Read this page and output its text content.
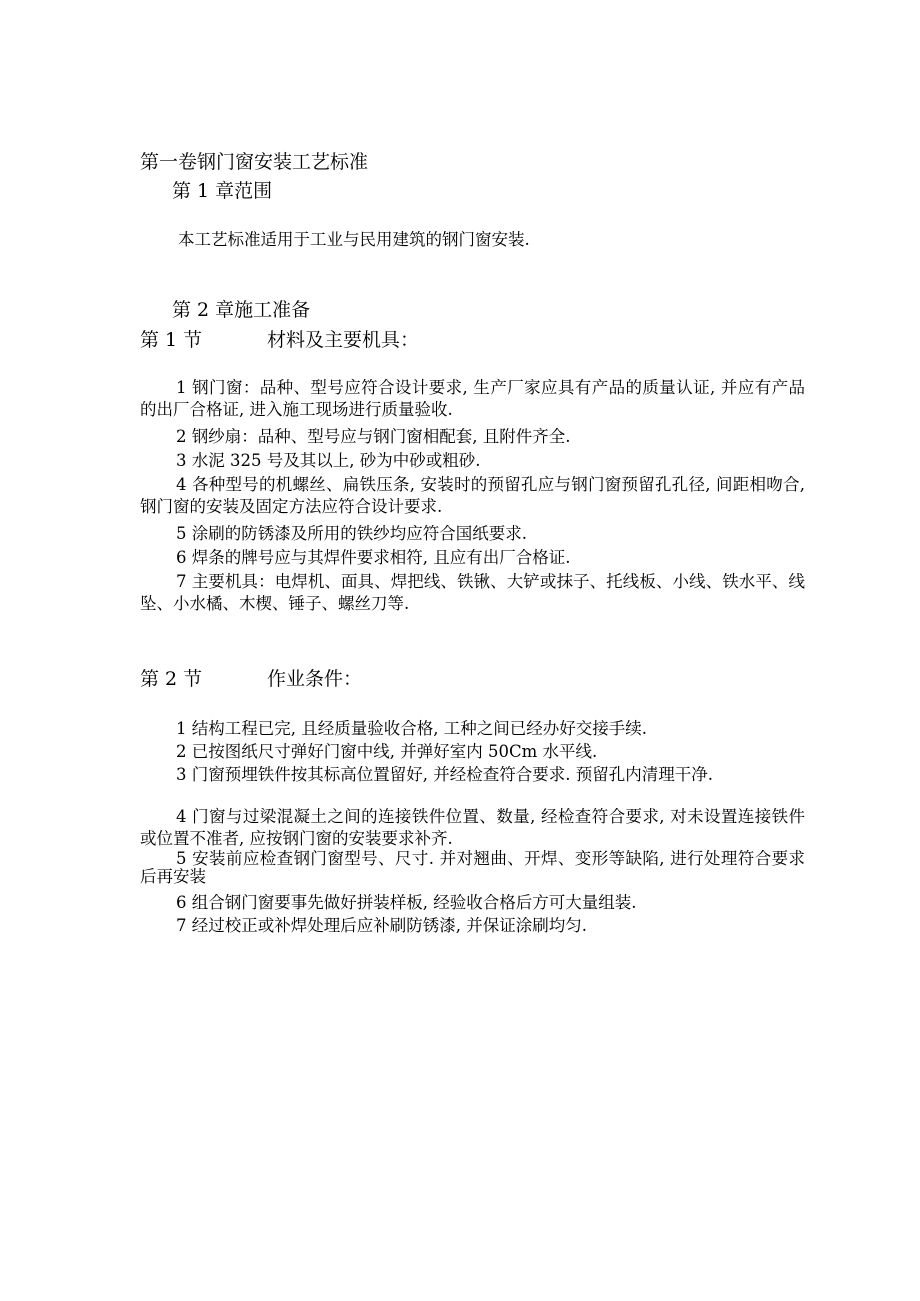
第一卷钢门窗安装工艺标准
第 1 章范围
本工艺标准适用于工业与民用建筑的钢门窗安装.
第 2 章施工准备
第 1 节	材料及主要机具：
1 钢门窗：品种、型号应符合设计要求, 生产厂家应具有产品的质量认证, 并应有产品的出厂合格证, 进入施工现场进行质量验收.
2 钢纱扇：品种、型号应与钢门窗相配套, 且附件齐全.
3 水泥 325 号及其以上, 砂为中砂或粗砂.
4 各种型号的机螺丝、扁铁压条, 安装时的预留孔应与钢门窗预留孔孔径, 间距相吻合, 钢门窗的安装及固定方法应符合设计要求.
5 涂刷的防锈漆及所用的铁纱均应符合国纸要求.
6 焊条的牌号应与其焊件要求相符, 且应有出厂合格证.
7 主要机具：电焊机、面具、焊把线、铁锹、大铲或抹子、托线板、小线、铁水平、线坠、小水橘、木楔、锤子、螺丝刀等.
第 2 节	作业条件：
1 结构工程已完, 且经质量验收合格, 工种之间已经办好交接手续.
2 已按图纸尺寸弹好门窗中线, 并弹好室内 50Cm 水平线.
3 门窗预埋铁件按其标高位置留好, 并经检查符合要求. 预留孔内清理干净.
4 门窗与过梁混凝土之间的连接铁件位置、数量, 经检查符合要求, 对未设置连接铁件或位置不准者, 应按钢门窗的安装要求补齐.
5 安装前应检查钢门窗型号、尺寸. 并对翘曲、开焊、变形等缺陷, 进行处理符合要求后再安装
6 组合钢门窗要事先做好拼装样板, 经验收合格后方可大量组装.
7 经过校正或补焊处理后应补刷防锈漆, 并保证涂刷均匀.
